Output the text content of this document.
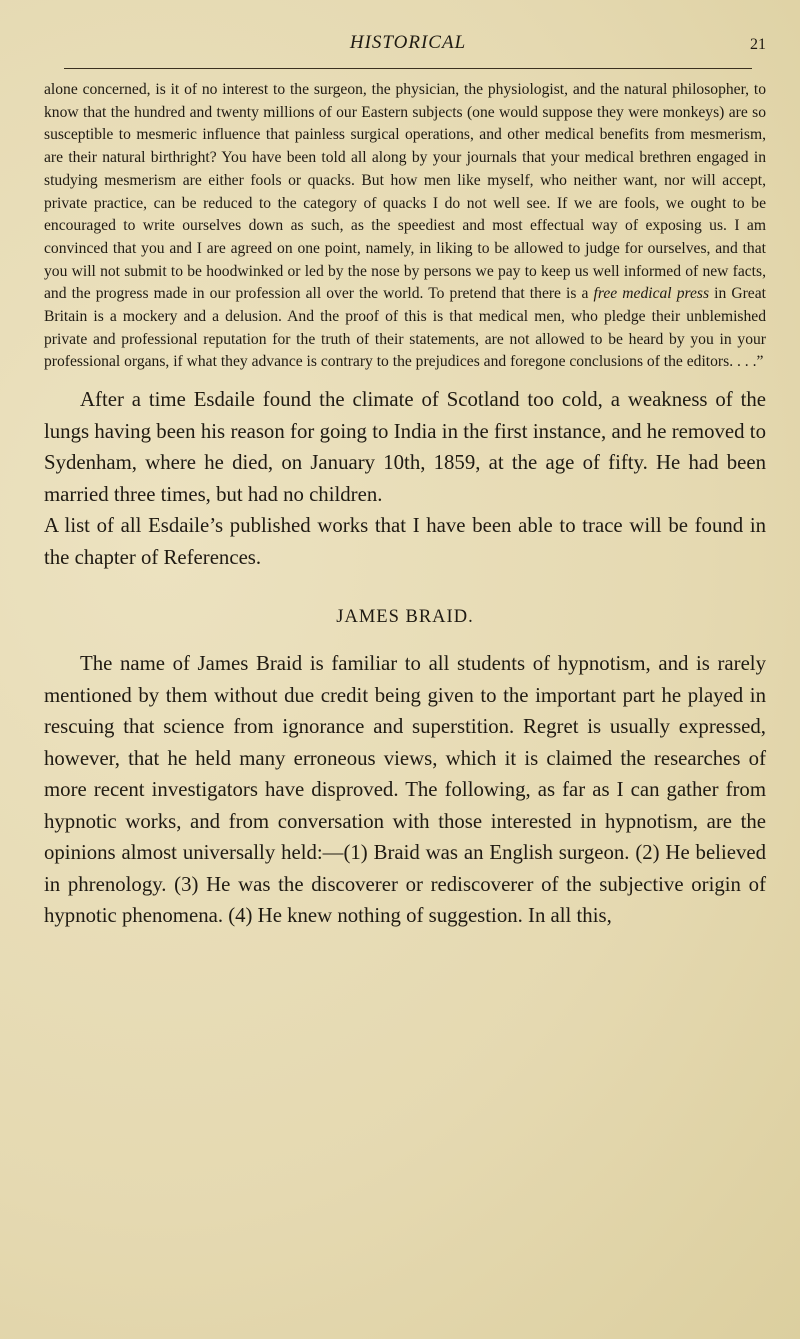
HISTORICAL	21

alone concerned, is it of no interest to the surgeon, the physician, the physiologist, and the natural philosopher, to know that the hundred and twenty millions of our Eastern subjects (one would suppose they were monkeys) are so susceptible to mesmeric influence that painless surgical operations, and other medical benefits from mesmerism, are their natural birthright? You have been told all along by your journals that your medical brethren engaged in studying mesmerism are either fools or quacks. But how men like myself, who neither want, nor will accept, private practice, can be reduced to the category of quacks I do not well see. If we are fools, we ought to be encouraged to write ourselves down as such, as the speediest and most effectual way of exposing us. I am convinced that you and I are agreed on one point, namely, in liking to be allowed to judge for ourselves, and that you will not submit to be hoodwinked or led by the nose by persons we pay to keep us well informed of new facts, and the progress made in our profession all over the world. To pretend that there is a free medical press in Great Britain is a mockery and a delusion. And the proof of this is that medical men, who pledge their unblemished private and professional reputation for the truth of their statements, are not allowed to be heard by you in your professional organs, if what they advance is contrary to the prejudices and foregone conclusions of the editors. . . .”

After a time Esdaile found the climate of Scotland too cold, a weakness of the lungs having been his reason for going to India in the first instance, and he removed to Sydenham, where he died, on January 10th, 1859, at the age of fifty. He had been married three times, but had no children.

A list of all Esdaile’s published works that I have been able to trace will be found in the chapter of References.

JAMES BRAID.

The name of James Braid is familiar to all students of hypnotism, and is rarely mentioned by them without due credit being given to the important part he played in rescuing that science from ignorance and superstition. Regret is usually expressed, however, that he held many erroneous views, which it is claimed the researches of more recent investigators have disproved. The following, as far as I can gather from hypnotic works, and from conversation with those interested in hypnotism, are the opinions almost universally held:—(1) Braid was an English surgeon. (2) He believed in phrenology. (3) He was the discoverer or rediscoverer of the subjective origin of hypnotic phenomena. (4) He knew nothing of suggestion. In all this,
